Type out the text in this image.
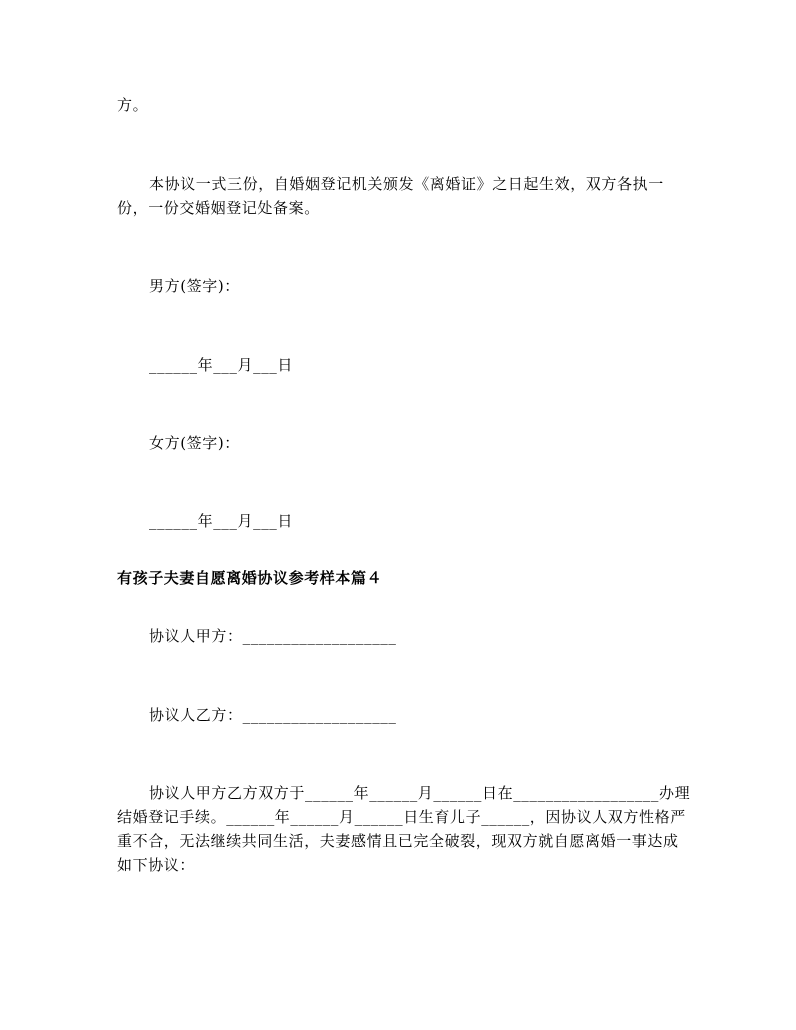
方。
本协议一式三份，自婚姻登记机关颁发《离婚证》之日起生效，双方各执一
份，一份交婚姻登记处备案。
男方(签字)：
______年___月___日
女方(签字)：
______年___月___日
有孩子夫妻自愿离婚协议参考样本篇４
协议人甲方：___________________
协议人乙方：___________________
协议人甲方乙方双方于______年______月______日在__________________办理
结婚登记手续。______年______月______日生育儿子______，因协议人双方性格严
重不合，无法继续共同生活，夫妻感情且已完全破裂，现双方就自愿离婚一事达成
如下协议：
